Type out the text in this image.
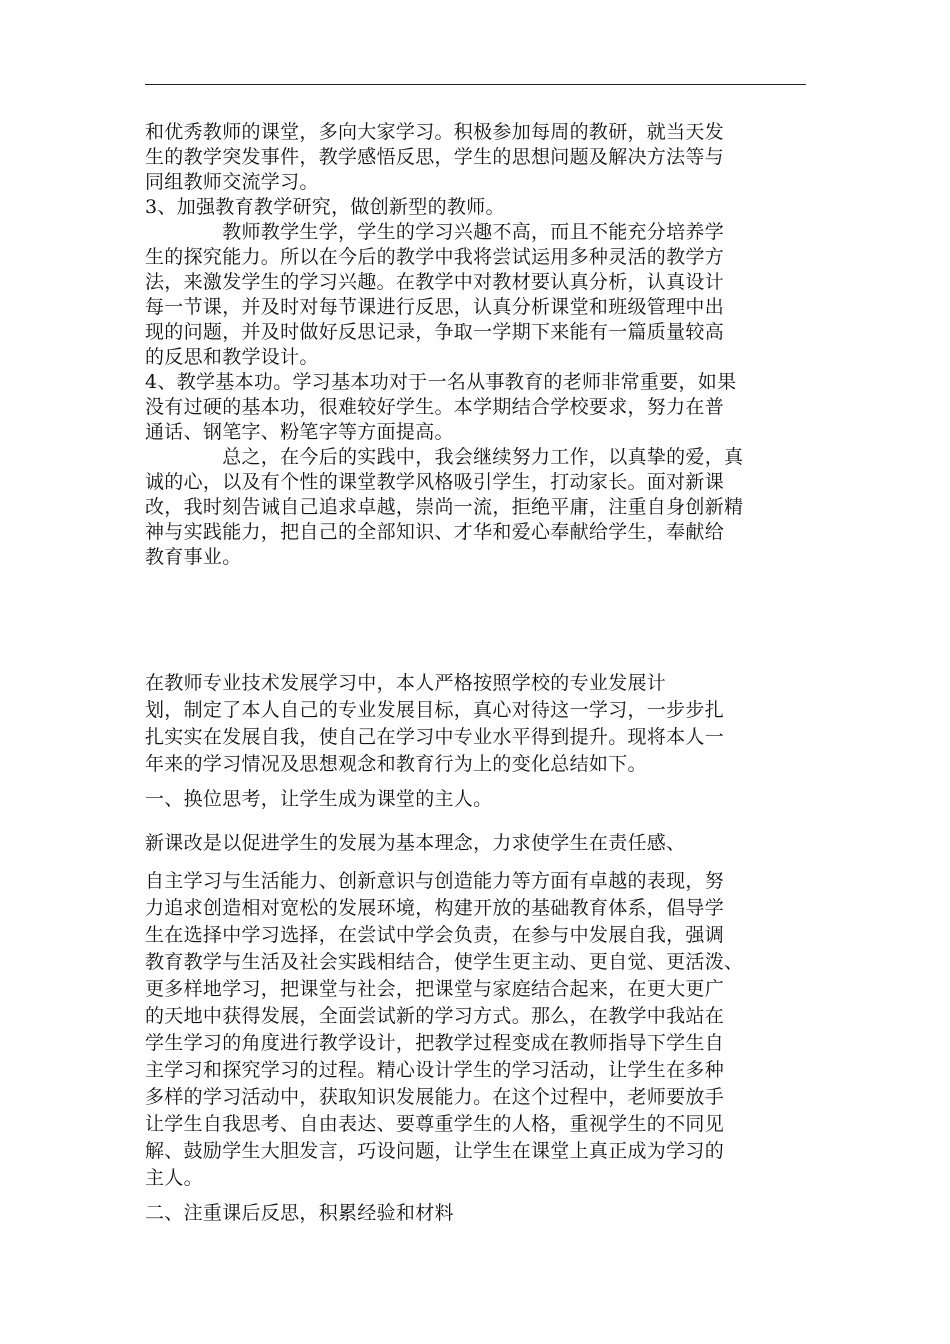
和优秀教师的课堂，多向大家学习。积极参加每周的教研，就当天发
生的教学突发事件，教学感悟反思，学生的思想问题及解决方法等与
同组教师交流学习。
3、加强教育教学研究，做创新型的教师。
　　　　教师教学生学，学生的学习兴趣不高，而且不能充分培养学
生的探究能力。所以在今后的教学中我将尝试运用多种灵活的教学方
法，来激发学生的学习兴趣。在教学中对教材要认真分析，认真设计
每一节课，并及时对每节课进行反思，认真分析课堂和班级管理中出
现的问题，并及时做好反思记录，争取一学期下来能有一篇质量较高
的反思和教学设计。
4、教学基本功。学习基本功对于一名从事教育的老师非常重要，如果
没有过硬的基本功，很难较好学生。本学期结合学校要求，努力在普
通话、钢笔字、粉笔字等方面提高。
　　　　总之，在今后的实践中，我会继续努力工作，以真挚的爱，真
诚的心，以及有个性的课堂教学风格吸引学生，打动家长。面对新课
改，我时刻告诫自己追求卓越，崇尚一流，拒绝平庸，注重自身创新精
神与实践能力，把自己的全部知识、才华和爱心奉献给学生，奉献给
教育事业。
在教师专业技术发展学习中，本人严格按照学校的专业发展计
划，制定了本人自己的专业发展目标，真心对待这一学习，一步步扎
扎实实在发展自我，使自己在学习中专业水平得到提升。现将本人一
年来的学习情况及思想观念和教育行为上的变化总结如下。
一、换位思考，让学生成为课堂的主人。
新课改是以促进学生的发展为基本理念，力求使学生在责任感、
自主学习与生活能力、创新意识与创造能力等方面有卓越的表现，努
力追求创造相对宽松的发展环境，构建开放的基础教育体系，倡导学
生在选择中学习选择，在尝试中学会负责，在参与中发展自我，强调
教育教学与生活及社会实践相结合，使学生更主动、更自觉、更活泼、
更多样地学习，把课堂与社会，把课堂与家庭结合起来，在更大更广
的天地中获得发展，全面尝试新的学习方式。那么，在教学中我站在
学生学习的角度进行教学设计，把教学过程变成在教师指导下学生自
主学习和探究学习的过程。精心设计学生的学习活动，让学生在多种
多样的学习活动中，获取知识发展能力。在这个过程中，老师要放手
让学生自我思考、自由表达、要尊重学生的人格，重视学生的不同见
解、鼓励学生大胆发言，巧设问题，让学生在课堂上真正成为学习的
主人。
二、注重课后反思，积累经验和材料
